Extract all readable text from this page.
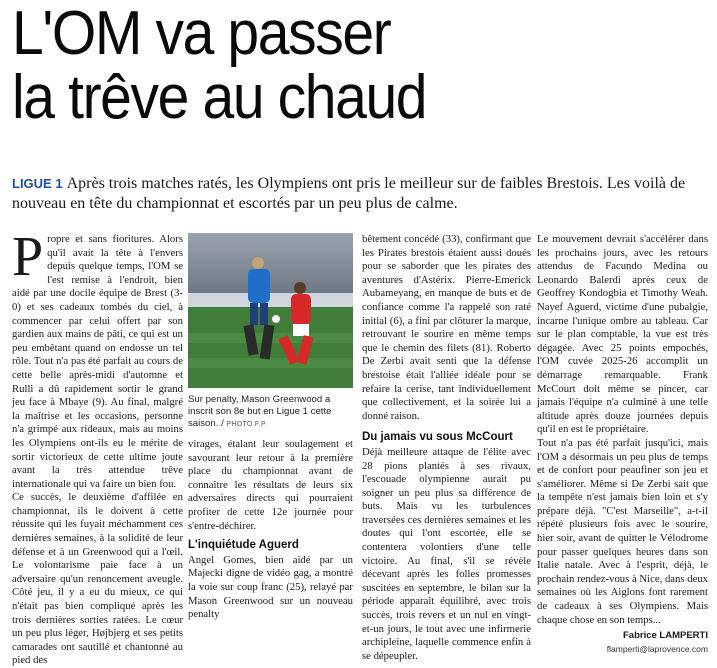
L'OM va passer
la trêve au chaud
LIGUE 1 Après trois matches ratés, les Olympiens ont pris le meilleur sur de faibles Brestois. Les voilà de nouveau en tête du championnat et escortés par un peu plus de calme.

Propre et sans fioritures. Alors qu'il avait la tête à l'envers depuis quelque temps, l'OM se l'est remise à l'endroit, bien aidé par une docile équipe de Brest (3-0) et ses cadeaux tombés du ciel, à commencer par celui offert par son gardien aux mains de pâti, ce qui est un peu embêtant quand on endosse un tel rôle. Tout n'a pas été parfait au cours de cette belle après-midi d'automne et Rulli a dû rapidement sortir le grand jeu face à Mbaye (9). Au final, malgré la maîtrise et les occasions, personne n'a grimpé aux rideaux, mais au moins les Olympiens ont-ils eu le mérite de sortir victorieux de cette ultime joute avant la très attendue trêve internationale qui va faire un bien fou.

Ce succès, le deuxième d'affilée en championnat, ils le doivent à cette réussite qui les fuyait méchamment ces dernières semaines, à la solidité de leur défense et à un Greenwood qui a l'œil. Le volontarisme paie face à un adversaire qu'un renoncement aveugle. Côté jeu, il y a eu du mieux, ce qui n'était pas bien compliqué après les trois dernières sorties ratées. Le cœur un peu plus léger, Højbjerg et ses petits camarades ont sautillé et chantonné au pied des

Sur penalty, Mason Greenwood a inscrit son 8e but en Ligue 1 cette saison. / PHOTO F.P.

virages, étalant leur soulagement et savourant leur retour à la première place du championnat avant de connaître les résultats de leurs six adversaires directs qui pourraient profiter de cette 12e journée pour s'entre-déchirer.

L'inquiétude Aguerd

Angel Gomes, bien aidé par un Majecki digne de vidéo gag, a montré la voie sur coup franc (25), relayé par Mason Greenwood sur un nouveau penalty

bêtement concédé (33), confirmant que les Pirates brestois étaient aussi doués pour se saborder que les pirates des aventures d'Astérix. Pierre-Emerick Aubameyang, en manque de buts et de confiance comme l'a rappelé son raté initial (6), a fini par clôturer la marque, retrouvant le sourire en même temps que le chemin des filets (81). Roberto De Zerbi avait senti que la défense brestoise était l'alliée idéale pour se refaire la cerise, tant individuellement que collectivement, et la soirée lui a donné raison.

Du jamais vu sous McCourt

Déjà meilleure attaque de l'élite avec 28 pions plantés à ses rivaux, l'escouade olympienne aurait pu soigner un peu plus sa différence de buts. Mais vu les turbulences traversées ces dernières semaines et les doutes qui l'ont escortée, elle se contentera volontiers d'une telle victoire. Au final, s'il se révèle décevant après les folles promesses suscitées en septembre, le bilan sur la période apparaît équilibré, avec trois succès, trois revers et un nul en vingt-et-un jours, le tout avec une infirmerie archipleine, laquelle commence enfin à se dépeupler.

Le mouvement devrait s'accélérer dans les prochains jours, avec les retours attendus de Facundo Medina ou Leonardo Balerdi après ceux de Geoffrey Kondogbia et Timothy Weah. Nayef Aguerd, victime d'une pubalgie, incarne l'unique ombre au tableau. Car sur le plan comptable, la vue est très dégagée. Avec 25 points empochés, l'OM cuvée 2025-26 accomplit un démarrage remarquable. Frank McCourt doit même se pincer, car jamais l'équipe n'a culminé à une telle altitude après douze journées depuis qu'il en est le propriétaire.

Tout n'a pas été parfait jusqu'ici, mais l'OM a désormais un peu plus de temps et de confort pour peaufiner son jeu et s'améliorer. Même si De Zerbi sait que la tempête n'est jamais bien loin et s'y prépare déjà. "C'est Marseille", a-t-il répété plusieurs fois avec le sourire, hier soir, avant de quitter le Vélodrome pour passer quelques heures dans son Italie natale. Avec à l'esprit, déjà, le prochain rendez-vous à Nice, dans deux semaines où les Aiglons font rarement de cadeaux à ses Olympiens. Mais chaque chose en son temps...

Fabrice LAMPERTI
flamperti@laprovence.com
